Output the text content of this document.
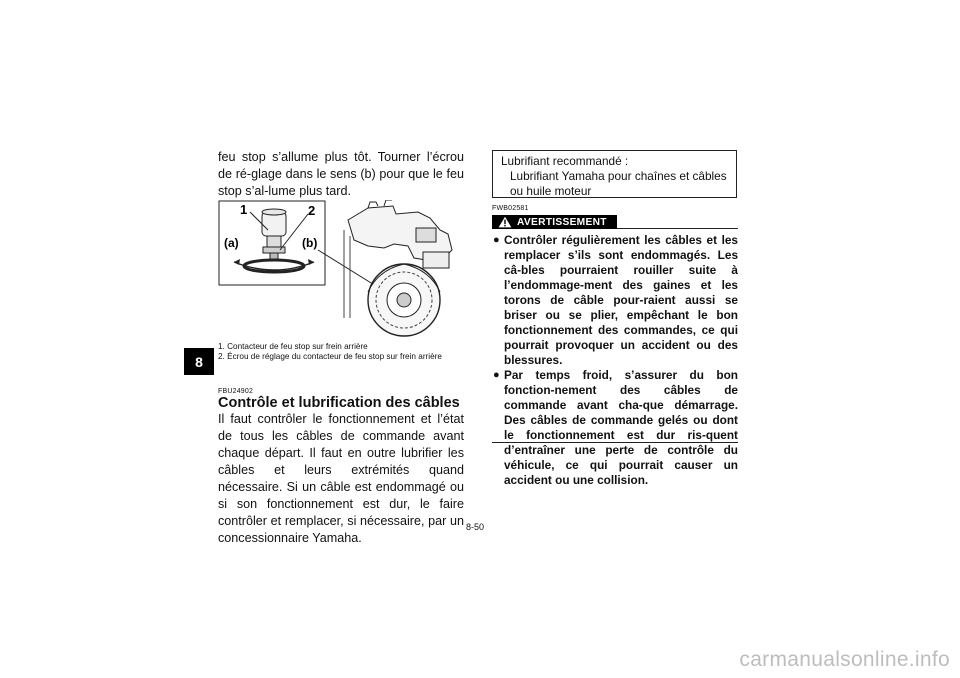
8

feu stop s’allume plus tôt. Tourner l’écrou de ré-glage dans le sens (b) pour que le feu stop s’al-lume plus tard.

1	2
(a)	(b)
1. Contacteur de feu stop sur frein arrière
2. Écrou de réglage du contacteur de feu stop sur frein arrière
FBU24902
Contrôle et lubrification des câbles

Il faut contrôler le fonctionnement et l’état de tous les câbles de commande avant chaque départ. Il faut en outre lubrifier les câbles et leurs extrémités quand nécessaire. Si un câble est endommagé ou si son fonctionnement est dur, le faire contrôler et remplacer, si nécessaire, par un concessionnaire Yamaha.

Lubrifiant recommandé :
Lubrifiant Yamaha pour chaînes et câbles ou huile moteur
FWB02581
AVERTISSEMENT
● Contrôler régulièrement les câbles et les remplacer s’ils sont endommagés. Les câ-bles pourraient rouiller suite à l’endommage-ment des gaines et les torons de câble pour-raient aussi se briser ou se plier, empêchant le bon fonctionnement des commandes, ce qui pourrait provoquer un accident ou des blessures.
● Par temps froid, s’assurer du bon fonction-nement des câbles de commande avant cha-que démarrage. Des câbles de commande gelés ou dont le fonctionnement est dur ris-quent d’entraîner une perte de contrôle du véhicule, ce qui pourrait causer un accident ou une collision.
8-50
carmanualsonline.info
